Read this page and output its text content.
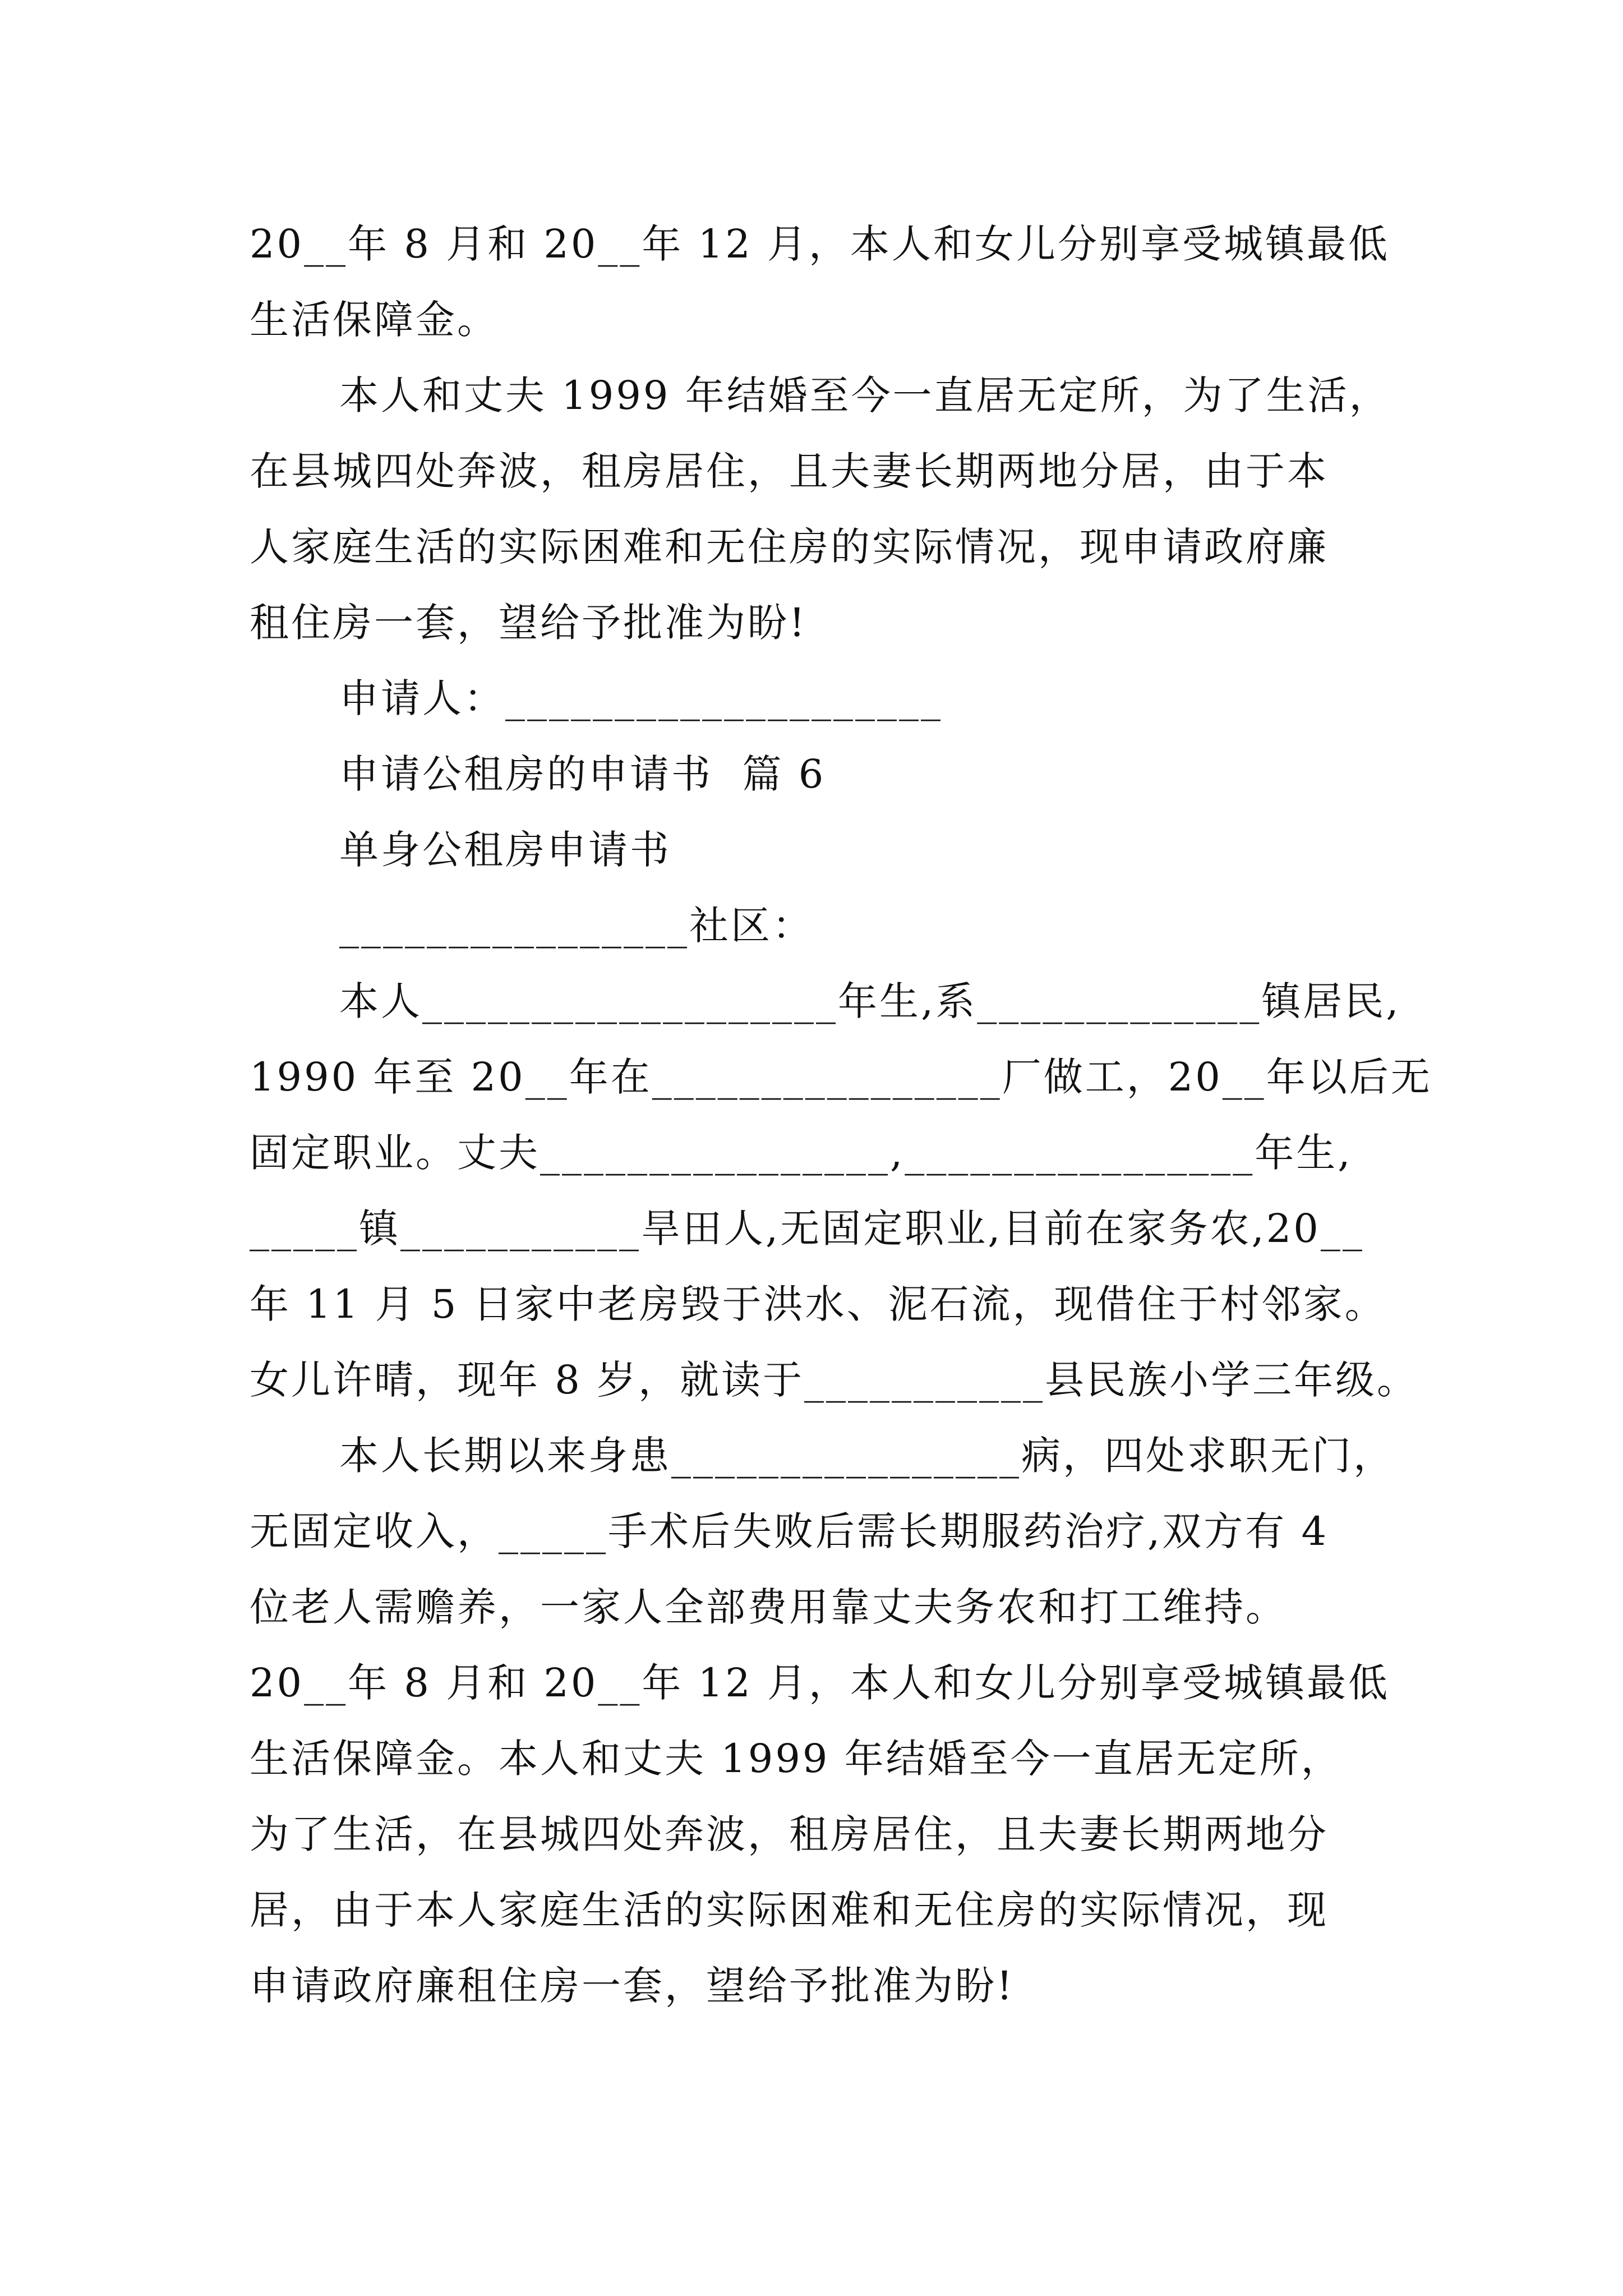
20__年 8 月和 20__年 12 月，本人和女儿分别享受城镇最低
生活保障金。
本人和丈夫 1999 年结婚至今一直居无定所，为了生活，
在县城四处奔波，租房居住，且夫妻长期两地分居，由于本
人家庭生活的实际困难和无住房的实际情况，现申请政府廉
租住房一套，望给予批准为盼!
申请人：____________________
申请公租房的申请书  篇 6
单身公租房申请书
________________社区：
本人___________________年生,系_____________镇居民,
1990 年至 20__年在________________厂做工，20__年以后无
固定职业。丈夫________________,________________年生,
_____镇___________旱田人,无固定职业,目前在家务农,20__
年 11 月 5 日家中老房毁于洪水、泥石流，现借住于村邻家。
女儿许晴，现年 8 岁，就读于___________县民族小学三年级。
本人长期以来身患________________病，四处求职无门，
无固定收入，_____手术后失败后需长期服药治疗,双方有 4
位老人需赡养，一家人全部费用靠丈夫务农和打工维持。
20__年 8 月和 20__年 12 月，本人和女儿分别享受城镇最低
生活保障金。本人和丈夫 1999 年结婚至今一直居无定所，
为了生活，在县城四处奔波，租房居住，且夫妻长期两地分
居，由于本人家庭生活的实际困难和无住房的实际情况，现
申请政府廉租住房一套，望给予批准为盼!
